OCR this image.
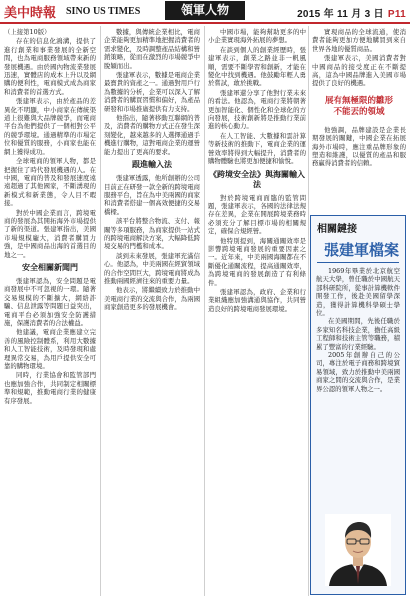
美中時報 SINO US TIMES	領軍人物	2015 年 11 月 3 日 P11

（上接第10版）

存在的信息化鴻溝，提供了進行創業和事業發展的全新空間，也為電商服務領域帶來新的發展機遇。由於國內物流業發展迅速，實體店的成本上升以及網購的便利性，電商模式成為商家和消費者的首選方式。

張建軍表示，由於產品的差異化不明顯，中小商家在傳統渠道上很難與大品牌競爭，而電商平台為他們提供了一個相對公平的競爭環境。通過精準的市場定位和優質的服務，小商家也能在網上獲得成功。

全球電商的領軍人物，都是把握住了時代發展機遇的人。在中國，電商的普及和發展速度遠遠超過了其他國家，不斷湧現的新模式和新業態，令人目不暇接。

對於中國企業而言，跨境電商的發展為其開拓海外市場提供了新的渠道。張建軍指出，美國市場規模龐大，消費者購買力強，是中國商品出海的首選目的地之一。

安全相關新聞門

張建軍認為，安全問題是電商發展中不可忽視的一環。隨著交易規模的不斷擴大，網絡詐騙、信息泄露等問題日益突出，電商平台必須加強安全防護措施，保護消費者的合法權益。

他建議，電商企業應建立完善的風險控制體系，利用大數據和人工智能技術，及時發現和處理異常交易，為用戶提供安全可靠的購物環境。

同時，行業協會和監管部門也應加強合作，共同制定相關標準和規範，推動電商行業的健康有序發展。

數據，與傳統企業相比，電商企業能夠更加精準地把握消費者的需求變化，及時調整產品結構和營銷策略，從而在激烈的市場競爭中脫穎而出。

張建軍表示，數據是電商企業最寶貴的資產之一。通過對用戶行為數據的分析，企業可以深入了解消費者的購買習慣和偏好，為產品研發和市場推廣提供有力支持。

他指出，隨著移動互聯網的普及，消費者的購物方式正在發生深刻變化，越來越多的人選擇通過手機進行購物，這對電商企業的運營能力提出了更高的要求。

跟進輸入法

張建軍透露，他所創辦的公司目前正在研發一款全新的跨境電商服務平台，旨在為中美兩國的商家和消費者搭建一個高效便捷的交易橋樑。

該平台將整合物流、支付、報關等多項服務，為商家提供一站式的跨境電商解決方案，大幅降低跨境交易的門檻和成本。

談到未來發展，張建軍充滿信心。他認為，中美兩國在經貿領域的合作空間巨大，跨境電商將成為推動兩國經濟往來的重要力量。

他表示，將繼續致力於推動中美電商行業的交流與合作，為兩國商家創造更多的發展機會。

中國市場，能夠幫助更多的中小企業實現海外拓展的夢想。

在談到個人的創業經歷時，張建軍表示，創業之路並非一帆風順，需要不斷學習和創新，才能在變化中找到機遇。他鼓勵年輕人勇於嘗試，敢於挑戰。

張建軍還分享了他對行業未來的看法。他認為，電商行業將朝著更加智能化、個性化和全球化的方向發展，技術創新將是推動行業前進的核心動力。

在人工智能、大數據和雲計算等新技術的推動下，電商企業的運營效率將得到大幅提升，消費者的購物體驗也將更加便捷和愉悅。

《跨境安全法》與海關輸入法

對於跨境電商面臨的監管問題，張建軍表示，各國的法律法規存在差異，企業在開展跨境業務時必須充分了解目標市場的相關規定，確保合規經營。

他特別提到，海關通關效率是影響跨境電商發展的重要因素之一。近年來，中美兩國海關都在不斷優化通關流程，提高通關效率，為跨境電商的發展創造了有利條件。

張建軍認為，政府、企業和行業組織應加強溝通與協作，共同營造良好的跨境電商發展環境。

實現商品的全球流通，使消費者能夠更加方便地購買到來自世界各地的優質商品。

張建軍表示，美國消費者對中國商品的接受度正在不斷提高，這為中國品牌進入美國市場提供了良好的機遇。

展有無極限的雛形
不能丟的領域

他強調，品牌建設是企業長期發展的關鍵，中國企業在拓展海外市場時，應注重品牌形象的塑造和維護，以優質的產品和服務贏得消費者的信賴。

相關鏈接
張建軍檔案

1969年畢業於北京航空航天大學，曾任職於中國航天部科研院所，從事計算機軟件開發工作，後赴美國留學深造，獲得計算機科學碩士學位。

在美國期間，先後任職於多家知名科技企業，擔任高級工程師和技術主管等職務，積累了豐富的行業經驗。

2005年創辦自己的公司，專注於電子商務和跨境貿易領域，致力於推動中美兩國商家之間的交流與合作，是業界公認的領軍人物之一。
